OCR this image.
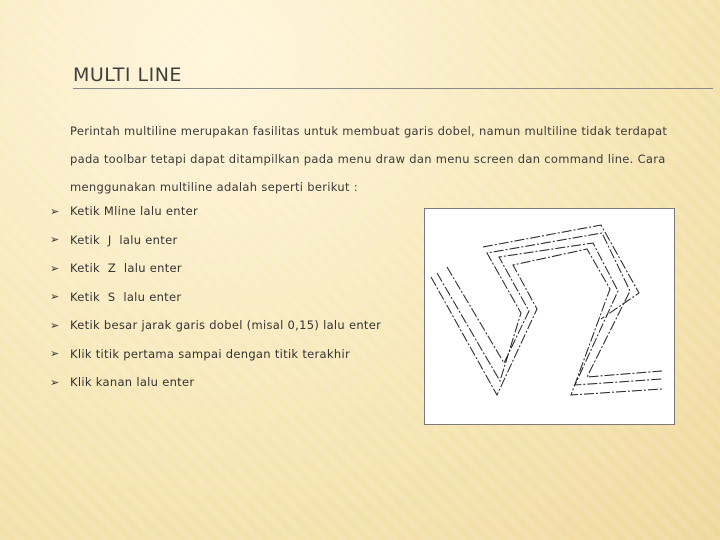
MULTI LINE
Perintah multiline merupakan fasilitas untuk membuat garis dobel, namun multiline tidak terdapat pada toolbar tetapi dapat ditampilkan pada menu draw dan menu screen dan command line. Cara menggunakan multiline adalah seperti berikut :
➢ Ketik Mline lalu enter
➢ Ketik  J  lalu enter
➢ Ketik  Z  lalu enter
➢ Ketik  S  lalu enter
➢ Ketik besar jarak garis dobel (misal 0,15) lalu enter
➢ Klik titik pertama sampai dengan titik terakhir
➢ Klik kanan lalu enter
